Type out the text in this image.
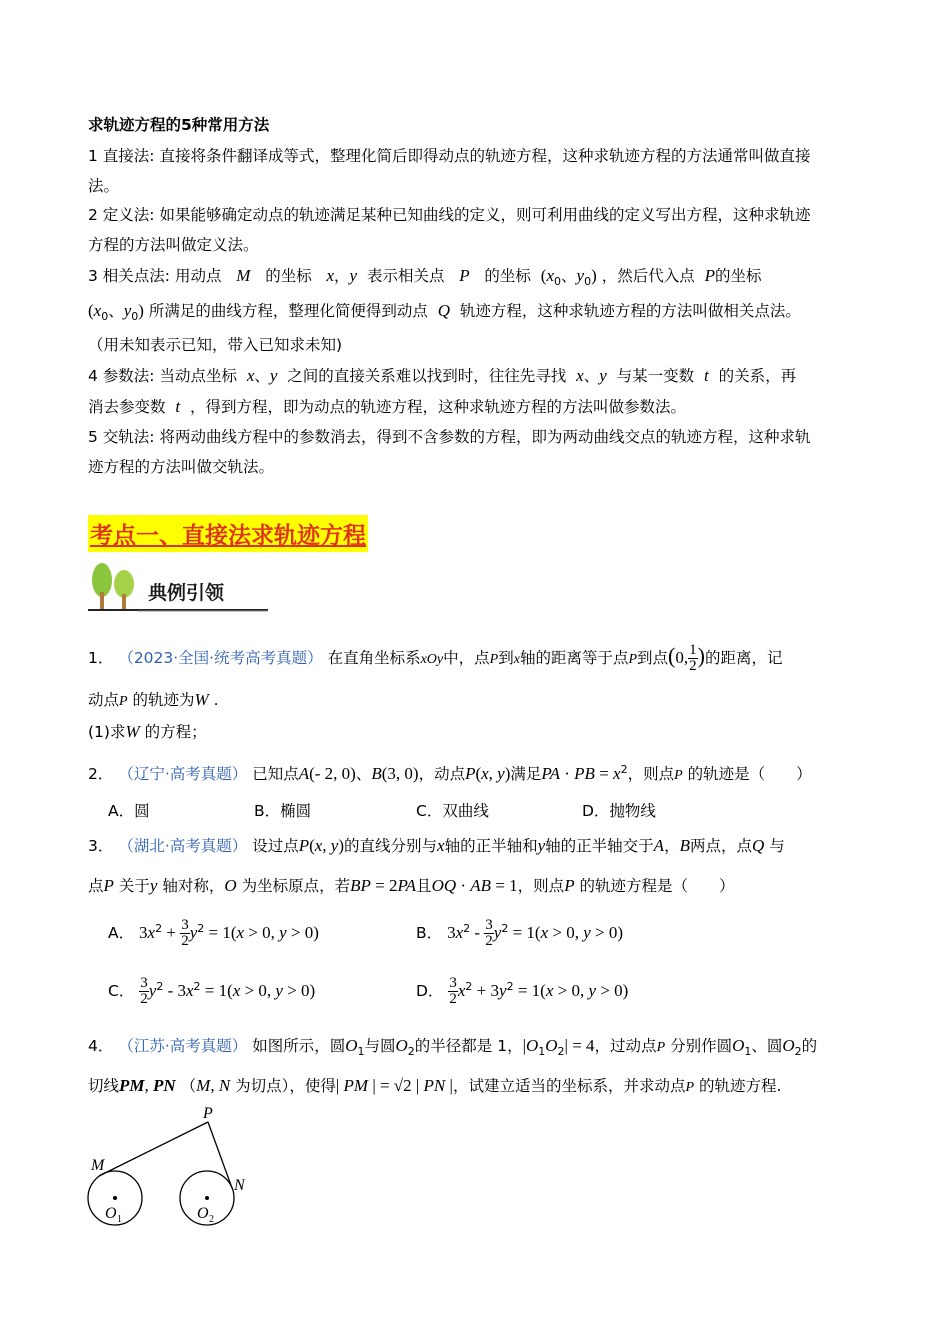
求轨迹方程的5种常用方法
1 直接法: 直接将条件翻译成等式，整理化简后即得动点的轨迹方程，这种求轨迹方程的方法通常叫做直接
法。
2 定义法: 如果能够确定动点的轨迹满足某种已知曲线的定义，则可利用曲线的定义写出方程，这种求轨迹
方程的方法叫做定义法。
3 相关点法: 用动点 M 的坐标 x，y 表示相关点 P 的坐标 ($x_0$、$y_0$) ，然后代入点 P的坐标
($x_0$、$y_0$) 所满足的曲线方程，整理化简便得到动点 Q 轨迹方程，这种求轨迹方程的方法叫做相关点法。
（用未知表示已知，带入已知求未知)
4 参数法: 当动点坐标 x、y 之间的直接关系难以找到时，往往先寻找 x、y 与某一变数 t 的关系，再
消去参变数 t ，得到方程，即为动点的轨迹方程，这种求轨迹方程的方法叫做参数法。
5 交轨法: 将两动曲线方程中的参数消去，得到不含参数的方程，即为两动曲线交点的轨迹方程，这种求轨
迹方程的方法叫做交轨法。
考点一、直接法求轨迹方程
典例引领
1． （2023·全国·统考高考真题） 在直角坐标系xOy中，点P到x轴的距离等于点P到点(0, $\frac{1}{2}$ )的距离，记
动点P 的轨迹为W .
(1)求W 的方程；
2． （辽宁·高考真题） 已知点A(- 2, 0)、B(3, 0)，动点P(x, y)满足PA · PB = $x^2$，则点P 的轨迹是（　　）
A．圆	B．椭圆	C．双曲线	D．抛物线
3． （湖北·高考真题） 设过点P(x, y)的直线分别与x轴的正半轴和y轴的正半轴交于A，B两点，点Q 与
点P 关于y 轴对称，O 为坐标原点，若BP = 2PA且OQ · AB = 1，则点P 的轨迹方程是（　　）
A． $3x^2 + \frac{3}{2} y^2 = 1(x > 0$, y > 0)	B． $3x^2 - \frac{3}{2} y^2 = 1(x > 0$, y > 0)
C． $\frac{3}{2} y^2 - 3x^2 = 1(x > 0$, y > 0)	D． $\frac{3}{2} x^2 + 3y^2 = 1(x > 0$, y > 0)
4． （江苏·高考真题） 如图所示，圆$O_1$与圆$O_2$的半径都是 1，$|O_1O_2| = 4$，过动点P 分别作圆$O_1$、圆$O_2$的
切线PM, PN （M, N 为切点），使得| PM | = √2 | PN |，试建立适当的坐标系，并求动点P 的轨迹方程.
P
M
N
O 1	O 2
